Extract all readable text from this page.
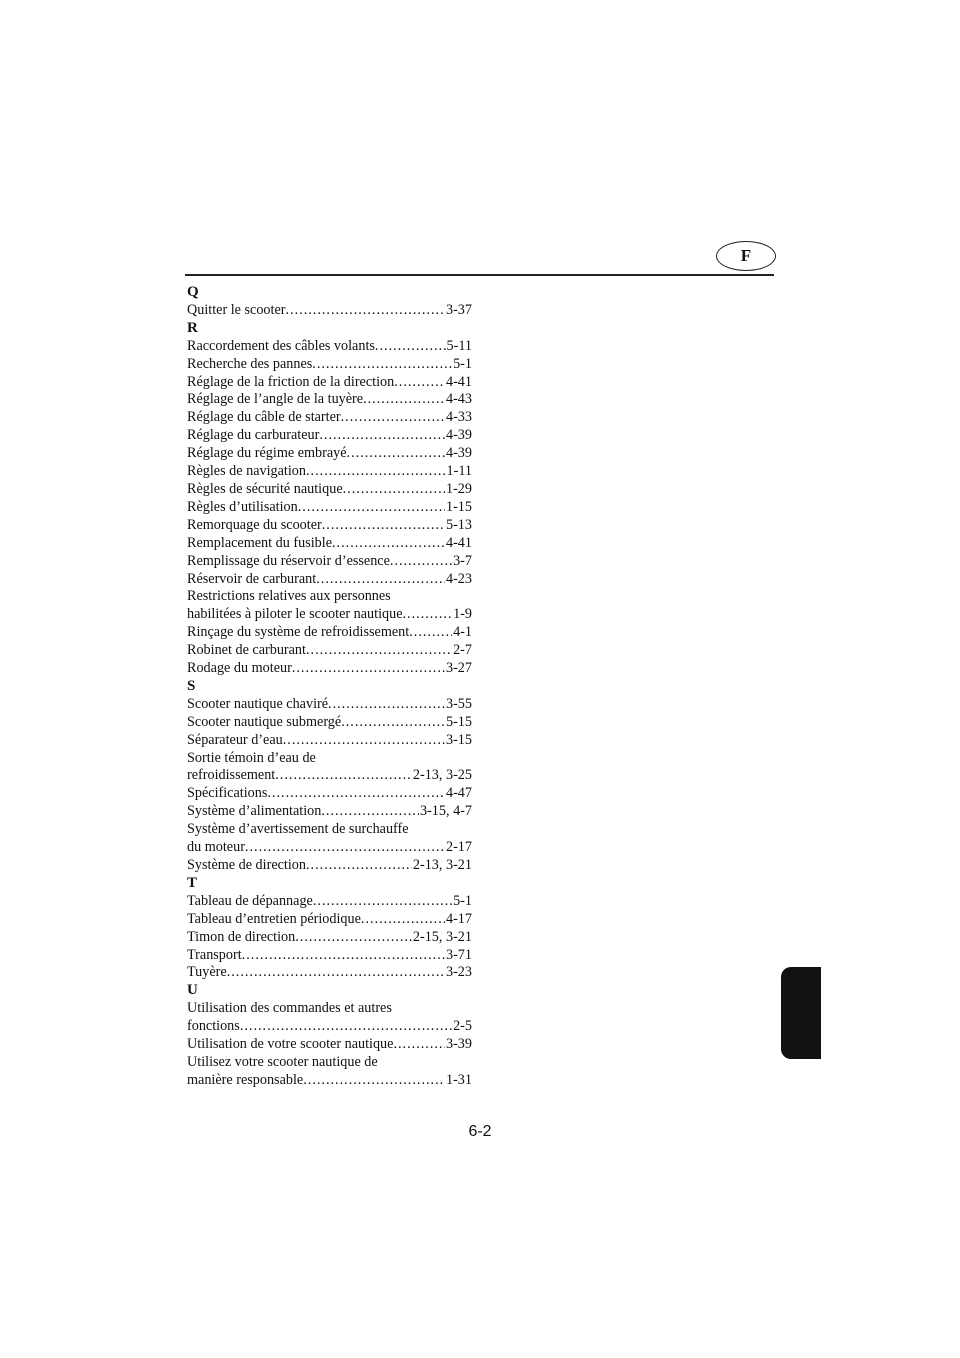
F
Q
Quitter le scooter .....	3-37
R
Raccordement des câbles volants .....	5-11
Recherche des pannes .....	5-1
Réglage de la friction de la direction .....	4-41
Réglage de l’angle de la tuyère .....	4-43
Réglage du câble de starter .....	4-33
Réglage du carburateur .....	4-39
Réglage du régime embrayé .....	4-39
Règles de navigation .....	1-11
Règles de sécurité nautique .....	1-29
Règles d’utilisation .....	1-15
Remorquage du scooter .....	5-13
Remplacement du fusible .....	4-41
Remplissage du réservoir d’essence .....	3-7
Réservoir de carburant .....	4-23
Restrictions relatives aux personnes
habilitées à piloter le scooter nautique .....	1-9
Rinçage du système de refroidissement .....	4-1
Robinet de carburant .....	2-7
Rodage du moteur .....	3-27
S
Scooter nautique chaviré .....	3-55
Scooter nautique submergé .....	5-15
Séparateur d’eau .....	3-15
Sortie témoin d’eau de
refroidissement .....	2-13, 3-25
Spécifications .....	4-47
Système d’alimentation .....	3-15, 4-7
Système d’avertissement de surchauffe
du moteur .....	2-17
Système de direction .....	2-13, 3-21
T
Tableau de dépannage .....	5-1
Tableau d’entretien périodique .....	4-17
Timon de direction .....	2-15, 3-21
Transport .....	3-71
Tuyère .....	3-23
U
Utilisation des commandes et autres
fonctions .....	2-5
Utilisation de votre scooter nautique .....	3-39
Utilisez votre scooter nautique de
manière responsable .....	1-31
6-2
